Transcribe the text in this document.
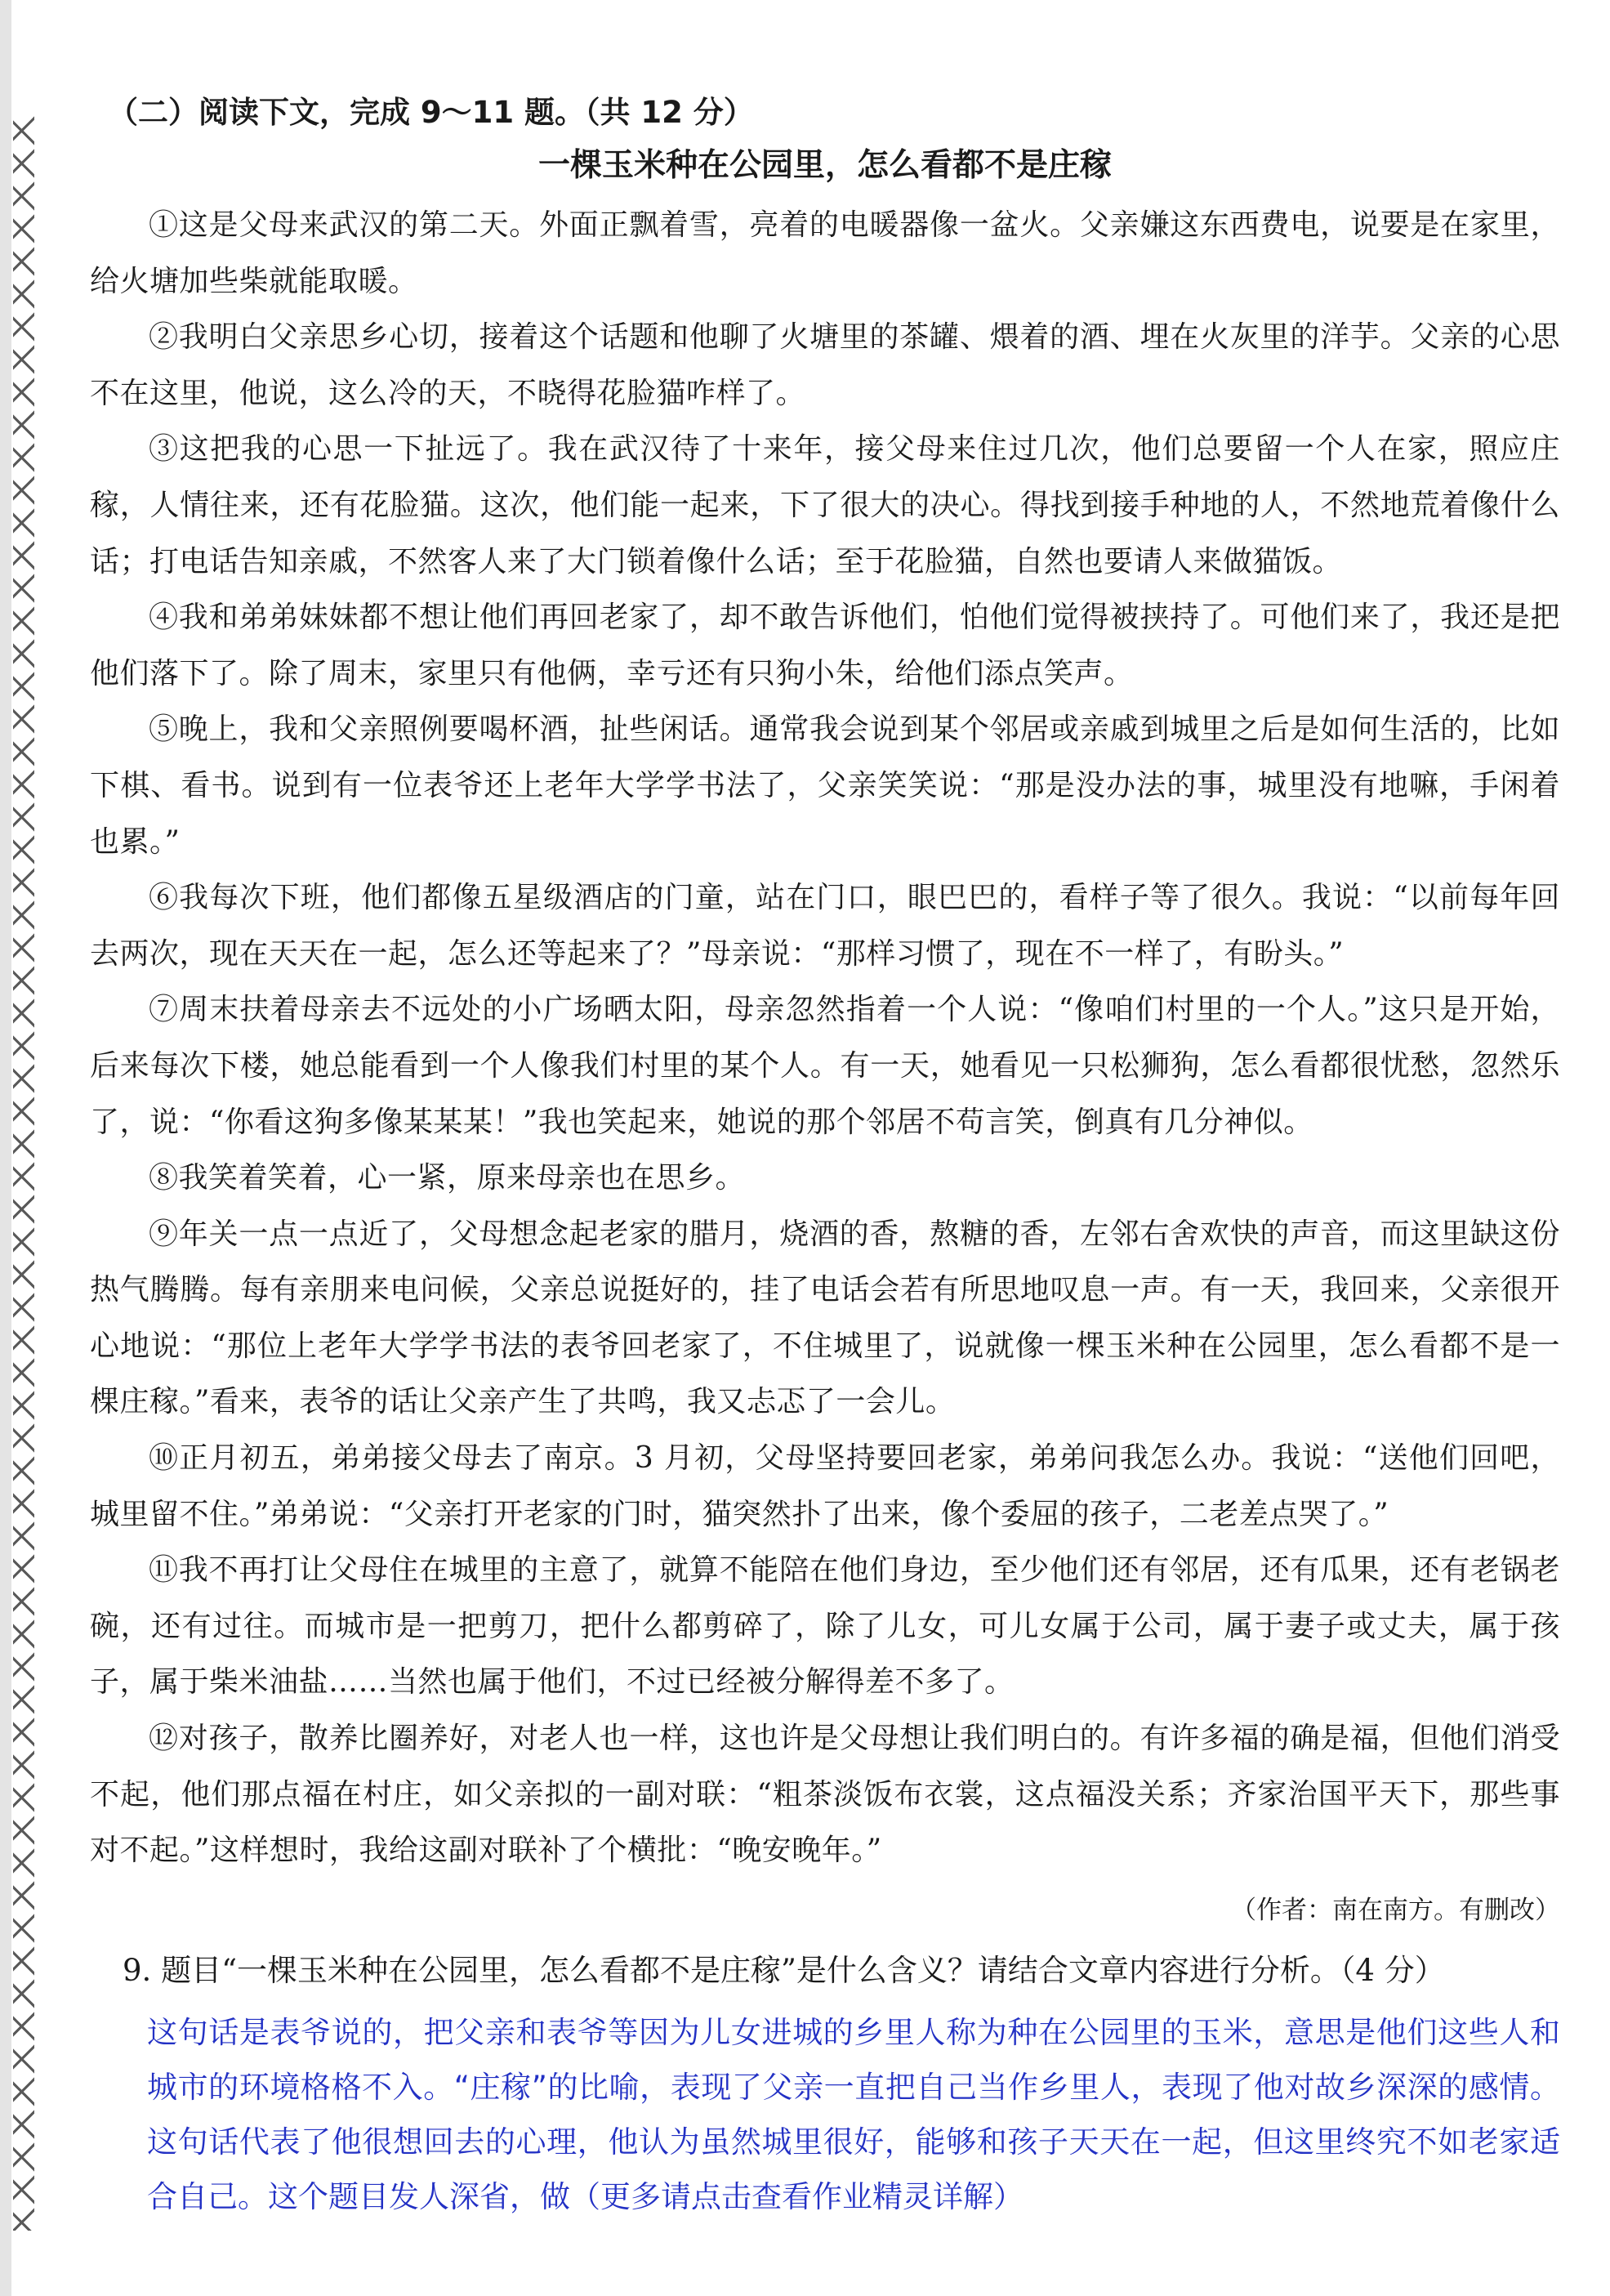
（二）阅读下文，完成 9～11 题。（共 12 分）
一棵玉米种在公园里，怎么看都不是庄稼

①这是父母来武汉的第二天。外面正飘着雪，亮着的电暖器像一盆火。父亲嫌这东西费电，说要是在家里，给火塘加些柴就能取暖。

②我明白父亲思乡心切，接着这个话题和他聊了火塘里的茶罐、煨着的酒、埋在火灰里的洋芋。父亲的心思不在这里，他说，这么冷的天，不晓得花脸猫咋样了。

③这把我的心思一下扯远了。我在武汉待了十来年，接父母来住过几次，他们总要留一个人在家，照应庄稼，人情往来，还有花脸猫。这次，他们能一起来，下了很大的决心。得找到接手种地的人，不然地荒着像什么话；打电话告知亲戚，不然客人来了大门锁着像什么话；至于花脸猫，自然也要请人来做猫饭。

④我和弟弟妹妹都不想让他们再回老家了，却不敢告诉他们，怕他们觉得被挟持了。可他们来了，我还是把他们落下了。除了周末，家里只有他俩，幸亏还有只狗小朱，给他们添点笑声。

⑤晚上，我和父亲照例要喝杯酒，扯些闲话。通常我会说到某个邻居或亲戚到城里之后是如何生活的，比如下棋、看书。说到有一位表爷还上老年大学学书法了，父亲笑笑说：“那是没办法的事，城里没有地嘛，手闲着也累。”

⑥我每次下班，他们都像五星级酒店的门童，站在门口，眼巴巴的，看样子等了很久。我说：“以前每年回去两次，现在天天在一起，怎么还等起来了？”母亲说：“那样习惯了，现在不一样了，有盼头。”

⑦周末扶着母亲去不远处的小广场晒太阳，母亲忽然指着一个人说：“像咱们村里的一个人。”这只是开始，后来每次下楼，她总能看到一个人像我们村里的某个人。有一天，她看见一只松狮狗，怎么看都很忧愁，忽然乐了，说：“你看这狗多像某某某！”我也笑起来，她说的那个邻居不苟言笑，倒真有几分神似。

⑧我笑着笑着，心一紧，原来母亲也在思乡。

⑨年关一点一点近了，父母想念起老家的腊月，烧酒的香，熬糖的香，左邻右舍欢快的声音，而这里缺这份热气腾腾。每有亲朋来电问候，父亲总说挺好的，挂了电话会若有所思地叹息一声。有一天，我回来，父亲很开心地说：“那位上老年大学学书法的表爷回老家了，不住城里了，说就像一棵玉米种在公园里，怎么看都不是一棵庄稼。”看来，表爷的话让父亲产生了共鸣，我又忐忑了一会儿。

⑩正月初五，弟弟接父母去了南京。3 月初，父母坚持要回老家，弟弟问我怎么办。我说：“送他们回吧，城里留不住。”弟弟说：“父亲打开老家的门时，猫突然扑了出来，像个委屈的孩子，二老差点哭了。”

⑪我不再打让父母住在城里的主意了，就算不能陪在他们身边，至少他们还有邻居，还有瓜果，还有老锅老碗，还有过往。而城市是一把剪刀，把什么都剪碎了，除了儿女，可儿女属于公司，属于妻子或丈夫，属于孩子，属于柴米油盐……当然也属于他们，不过已经被分解得差不多了。

⑫对孩子，散养比圈养好，对老人也一样，这也许是父母想让我们明白的。有许多福的确是福，但他们消受不起，他们那点福在村庄，如父亲拟的一副对联：“粗茶淡饭布衣裳，这点福没关系；齐家治国平天下，那些事对不起。”这样想时，我给这副对联补了个横批：“晚安晚年。”

（作者：南在南方。有删改）
9. 题目“一棵玉米种在公园里，怎么看都不是庄稼”是什么含义？请结合文章内容进行分析。（4 分）
这句话是表爷说的，把父亲和表爷等因为儿女进城的乡里人称为种在公园里的玉米，意思是他们这些人和城市的环境格格不入。“庄稼”的比喻，表现了父亲一直把自己当作乡里人，表现了他对故乡深深的感情。这句话代表了他很想回去的心理，他认为虽然城里很好，能够和孩子天天在一起，但这里终究不如老家适合自己。这个题目发人深省，做（更多请点击查看作业精灵详解）
